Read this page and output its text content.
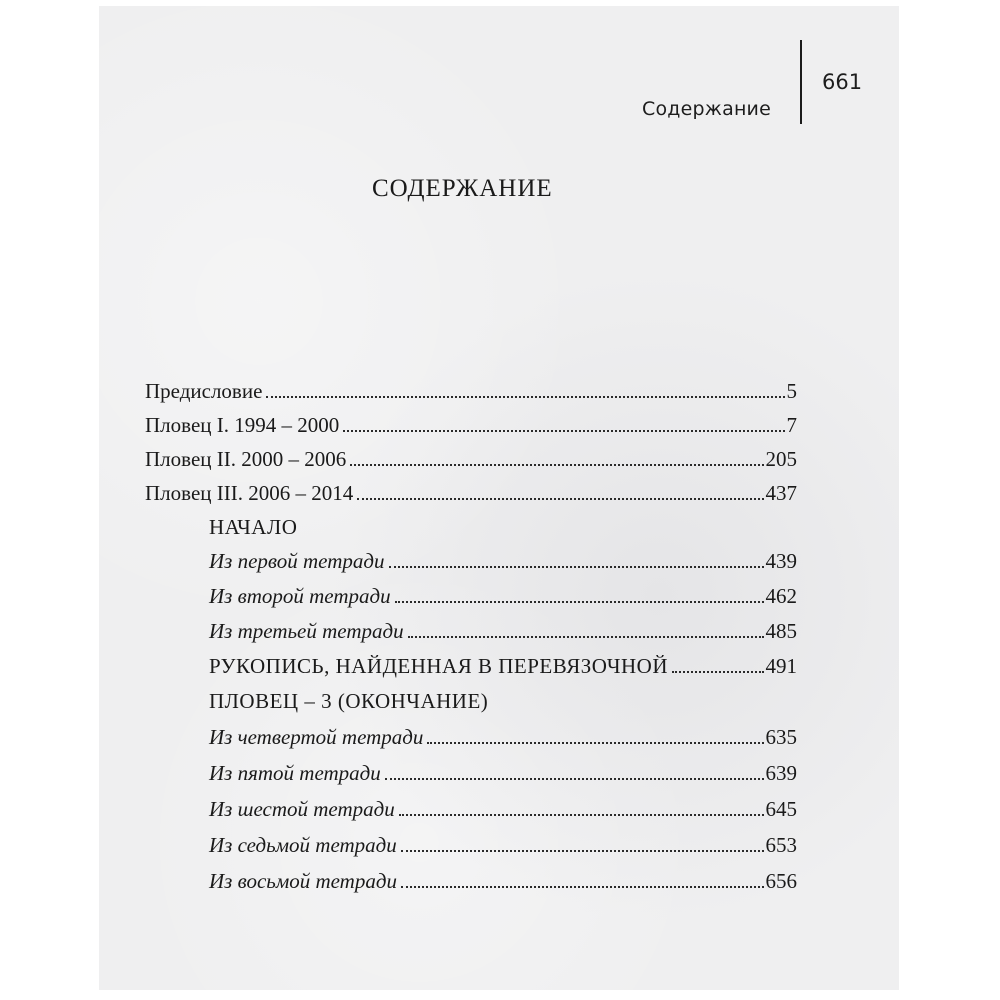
Содержание
661
СОДЕРЖАНИЕ
Предисловие	5
Пловец I. 1994 – 2000	7
Пловец II. 2000 – 2006	205
Пловец III. 2006 – 2014	437
НАЧАЛО
Из первой тетради	439
Из второй тетради	462
Из третьей тетради	485
РУКОПИСЬ, НАЙДЕННАЯ В ПЕРЕВЯЗОЧНОЙ	491
ПЛОВЕЦ – 3 (ОКОНЧАНИЕ)
Из четвертой тетради	635
Из пятой тетради	639
Из шестой тетради	645
Из седьмой тетради	653
Из восьмой тетради	656
